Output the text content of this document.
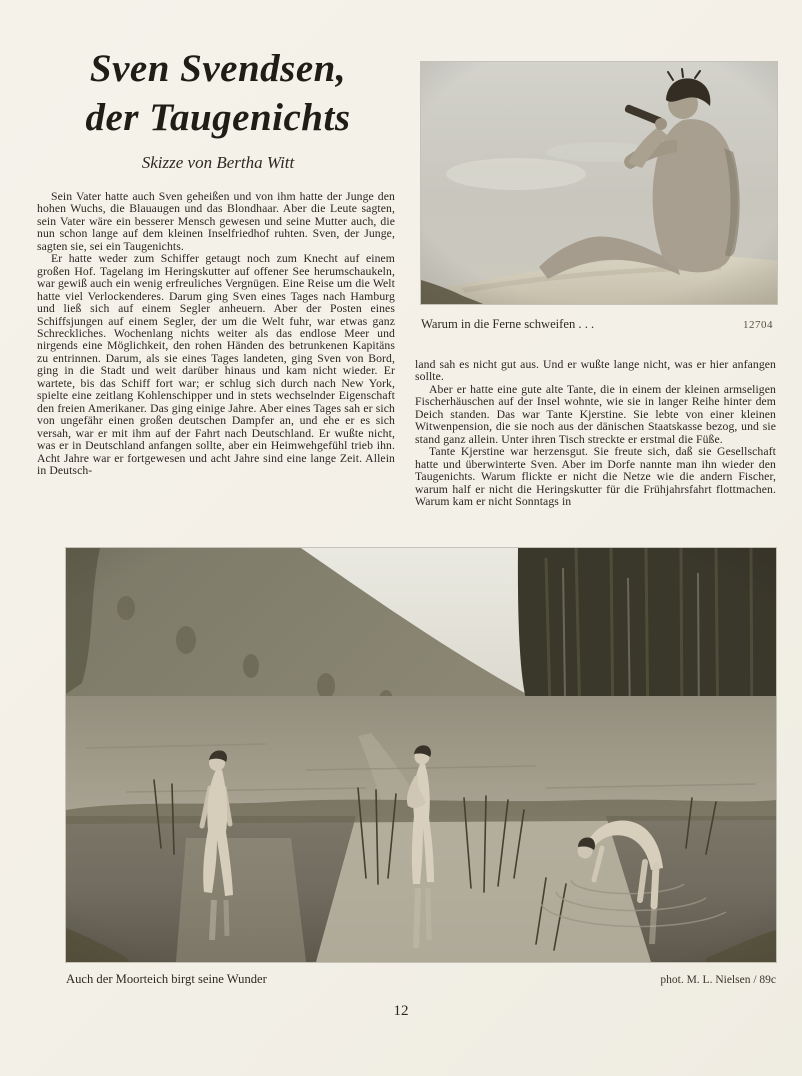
Sven Svendsen,
der Taugenichts
Skizze von Bertha Witt
Warum in die Ferne schweifen . . .	12704

Sein Vater hatte auch Sven geheißen und von ihm hatte der Junge den hohen Wuchs, die Blauaugen und das Blondhaar. Aber die Leute sagten, sein Vater wäre ein besserer Mensch gewesen und seine Mutter auch, die nun schon lange auf dem kleinen Inselfriedhof ruhten. Sven, der Junge, sagten sie, sei ein Taugenichts.

Er hatte weder zum Schiffer getaugt noch zum Knecht auf einem großen Hof. Tagelang im Heringskutter auf offener See herumschaukeln, war gewiß auch ein wenig erfreuliches Vergnügen. Eine Reise um die Welt hatte viel Verlockenderes. Darum ging Sven eines Tages nach Hamburg und ließ sich auf einem Segler anheuern. Aber der Posten eines Schiffsjungen auf einem Segler, der um die Welt fuhr, war etwas ganz Schreckliches. Wochenlang nichts weiter als das endlose Meer und nirgends eine Möglichkeit, den rohen Händen des betrunkenen Kapitäns zu entrinnen. Darum, als sie eines Tages landeten, ging Sven von Bord, ging in die Stadt und weit darüber hinaus und kam nicht wieder. Er wartete, bis das Schiff fort war; er schlug sich durch nach New York, spielte eine zeitlang Kohlenschipper und in stets wechselnder Eigenschaft den freien Amerikaner. Das ging einige Jahre. Aber eines Tages sah er sich von ungefähr einen großen deutschen Dampfer an, und ehe er es sich versah, war er mit ihm auf der Fahrt nach Deutschland. Er wußte nicht, was er in Deutschland anfangen sollte, aber ein Heimwehgefühl trieb ihn. Acht Jahre war er fortgewesen und acht Jahre sind eine lange Zeit. Allein in Deutsch-

land sah es nicht gut aus. Und er wußte lange nicht, was er hier anfangen sollte.

Aber er hatte eine gute alte Tante, die in einem der kleinen armseligen Fischerhäuschen auf der Insel wohnte, wie sie in langer Reihe hinter dem Deich standen. Das war Tante Kjerstine. Sie lebte von einer kleinen Witwenpension, die sie noch aus der dänischen Staatskasse bezog, und sie stand ganz allein. Unter ihren Tisch streckte er erstmal die Füße.

Tante Kjerstine war herzensgut. Sie freute sich, daß sie Gesellschaft hatte und überwinterte Sven. Aber im Dorfe nannte man ihn wieder den Taugenichts. Warum flickte er nicht die Netze wie die andern Fischer, warum half er nicht die Heringskutter für die Frühjahrsfahrt flottmachen. Warum kam er nicht Sonntags in

Auch der Moorteich birgt seine Wunder	phot. M. L. Nielsen / 89c
12
